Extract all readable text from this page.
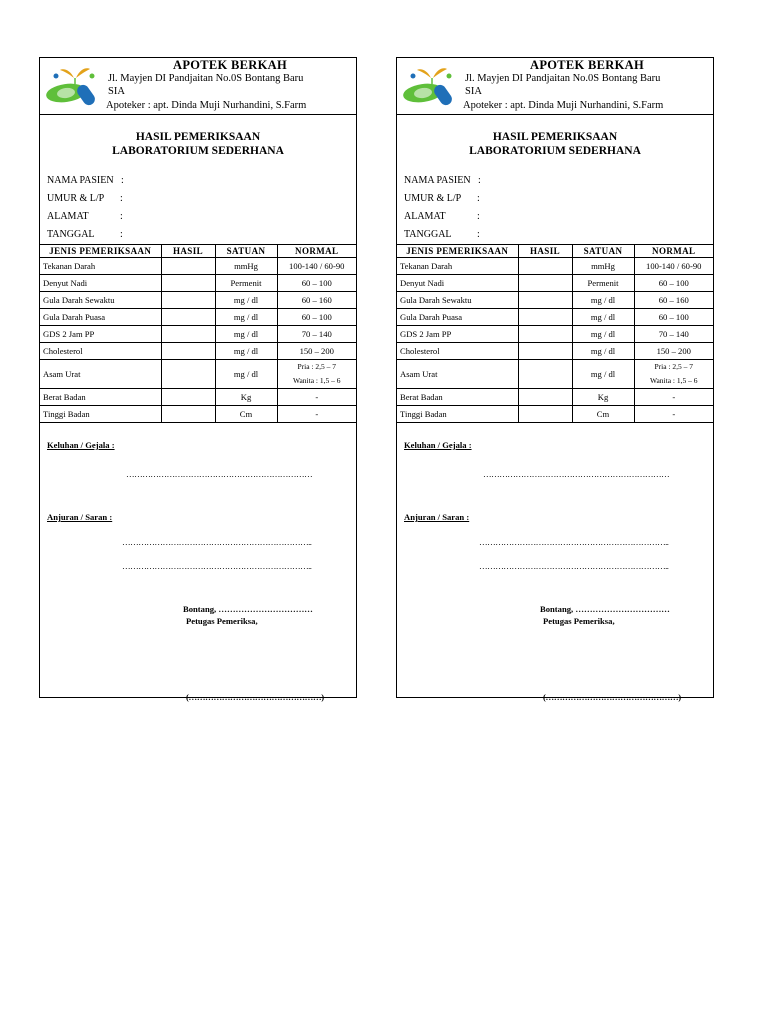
APOTEK BERKAH
Jl. Mayjen DI Pandjaitan No.0S Bontang Baru
SIA
Apoteker : apt. Dinda Muji Nurhandini, S.Farm
HASIL PEMERIKSAAN
LABORATORIUM SEDERHANA
NAMA PASIEN :
UMUR & L/P :
ALAMAT	:
TANGGAL	:
JENIS PEMERIKSAAN	HASIL	SATUAN	NORMAL
Tekanan Darah		mmHg	100-140 / 60-90
Denyut Nadi		Permenit	60 – 100
Gula Darah Sewaktu		mg / dl	60 – 160
Gula Darah Puasa		mg / dl	60 – 100
GDS 2 Jam PP		mg / dl	70 – 140
Cholesterol		mg / dl	150 – 200
Asam Urat		mg / dl	Pria : 2,5 – 7
Wanita : 1,5 – 6

Berat Badan		Kg	-
Tinggi Badan		Cm	-
Keluhan / Gejala :
……………………………………………………………
Anjuran / Saran :
……………………………………………………………..
……………………………………………………………..
Bontang, ……………………………
Petugas Pemeriksa,
(…………………………………………)
APOTEK BERKAH
Jl. Mayjen DI Pandjaitan No.0S Bontang Baru
SIA
Apoteker : apt. Dinda Muji Nurhandini, S.Farm
HASIL PEMERIKSAAN
LABORATORIUM SEDERHANA
NAMA PASIEN :
UMUR & L/P :
ALAMAT	:
TANGGAL	:
JENIS PEMERIKSAAN	HASIL	SATUAN	NORMAL
Tekanan Darah		mmHg	100-140 / 60-90
Denyut Nadi		Permenit	60 – 100
Gula Darah Sewaktu		mg / dl	60 – 160
Gula Darah Puasa		mg / dl	60 – 100
GDS 2 Jam PP		mg / dl	70 – 140
Cholesterol		mg / dl	150 – 200
Asam Urat		mg / dl	Pria : 2,5 – 7
Wanita : 1,5 – 6

Berat Badan		Kg	-
Tinggi Badan		Cm	-
Keluhan / Gejala :
……………………………………………………………
Anjuran / Saran :
……………………………………………………………..
……………………………………………………………..
Bontang, ……………………………
Petugas Pemeriksa,
(…………………………………………)
